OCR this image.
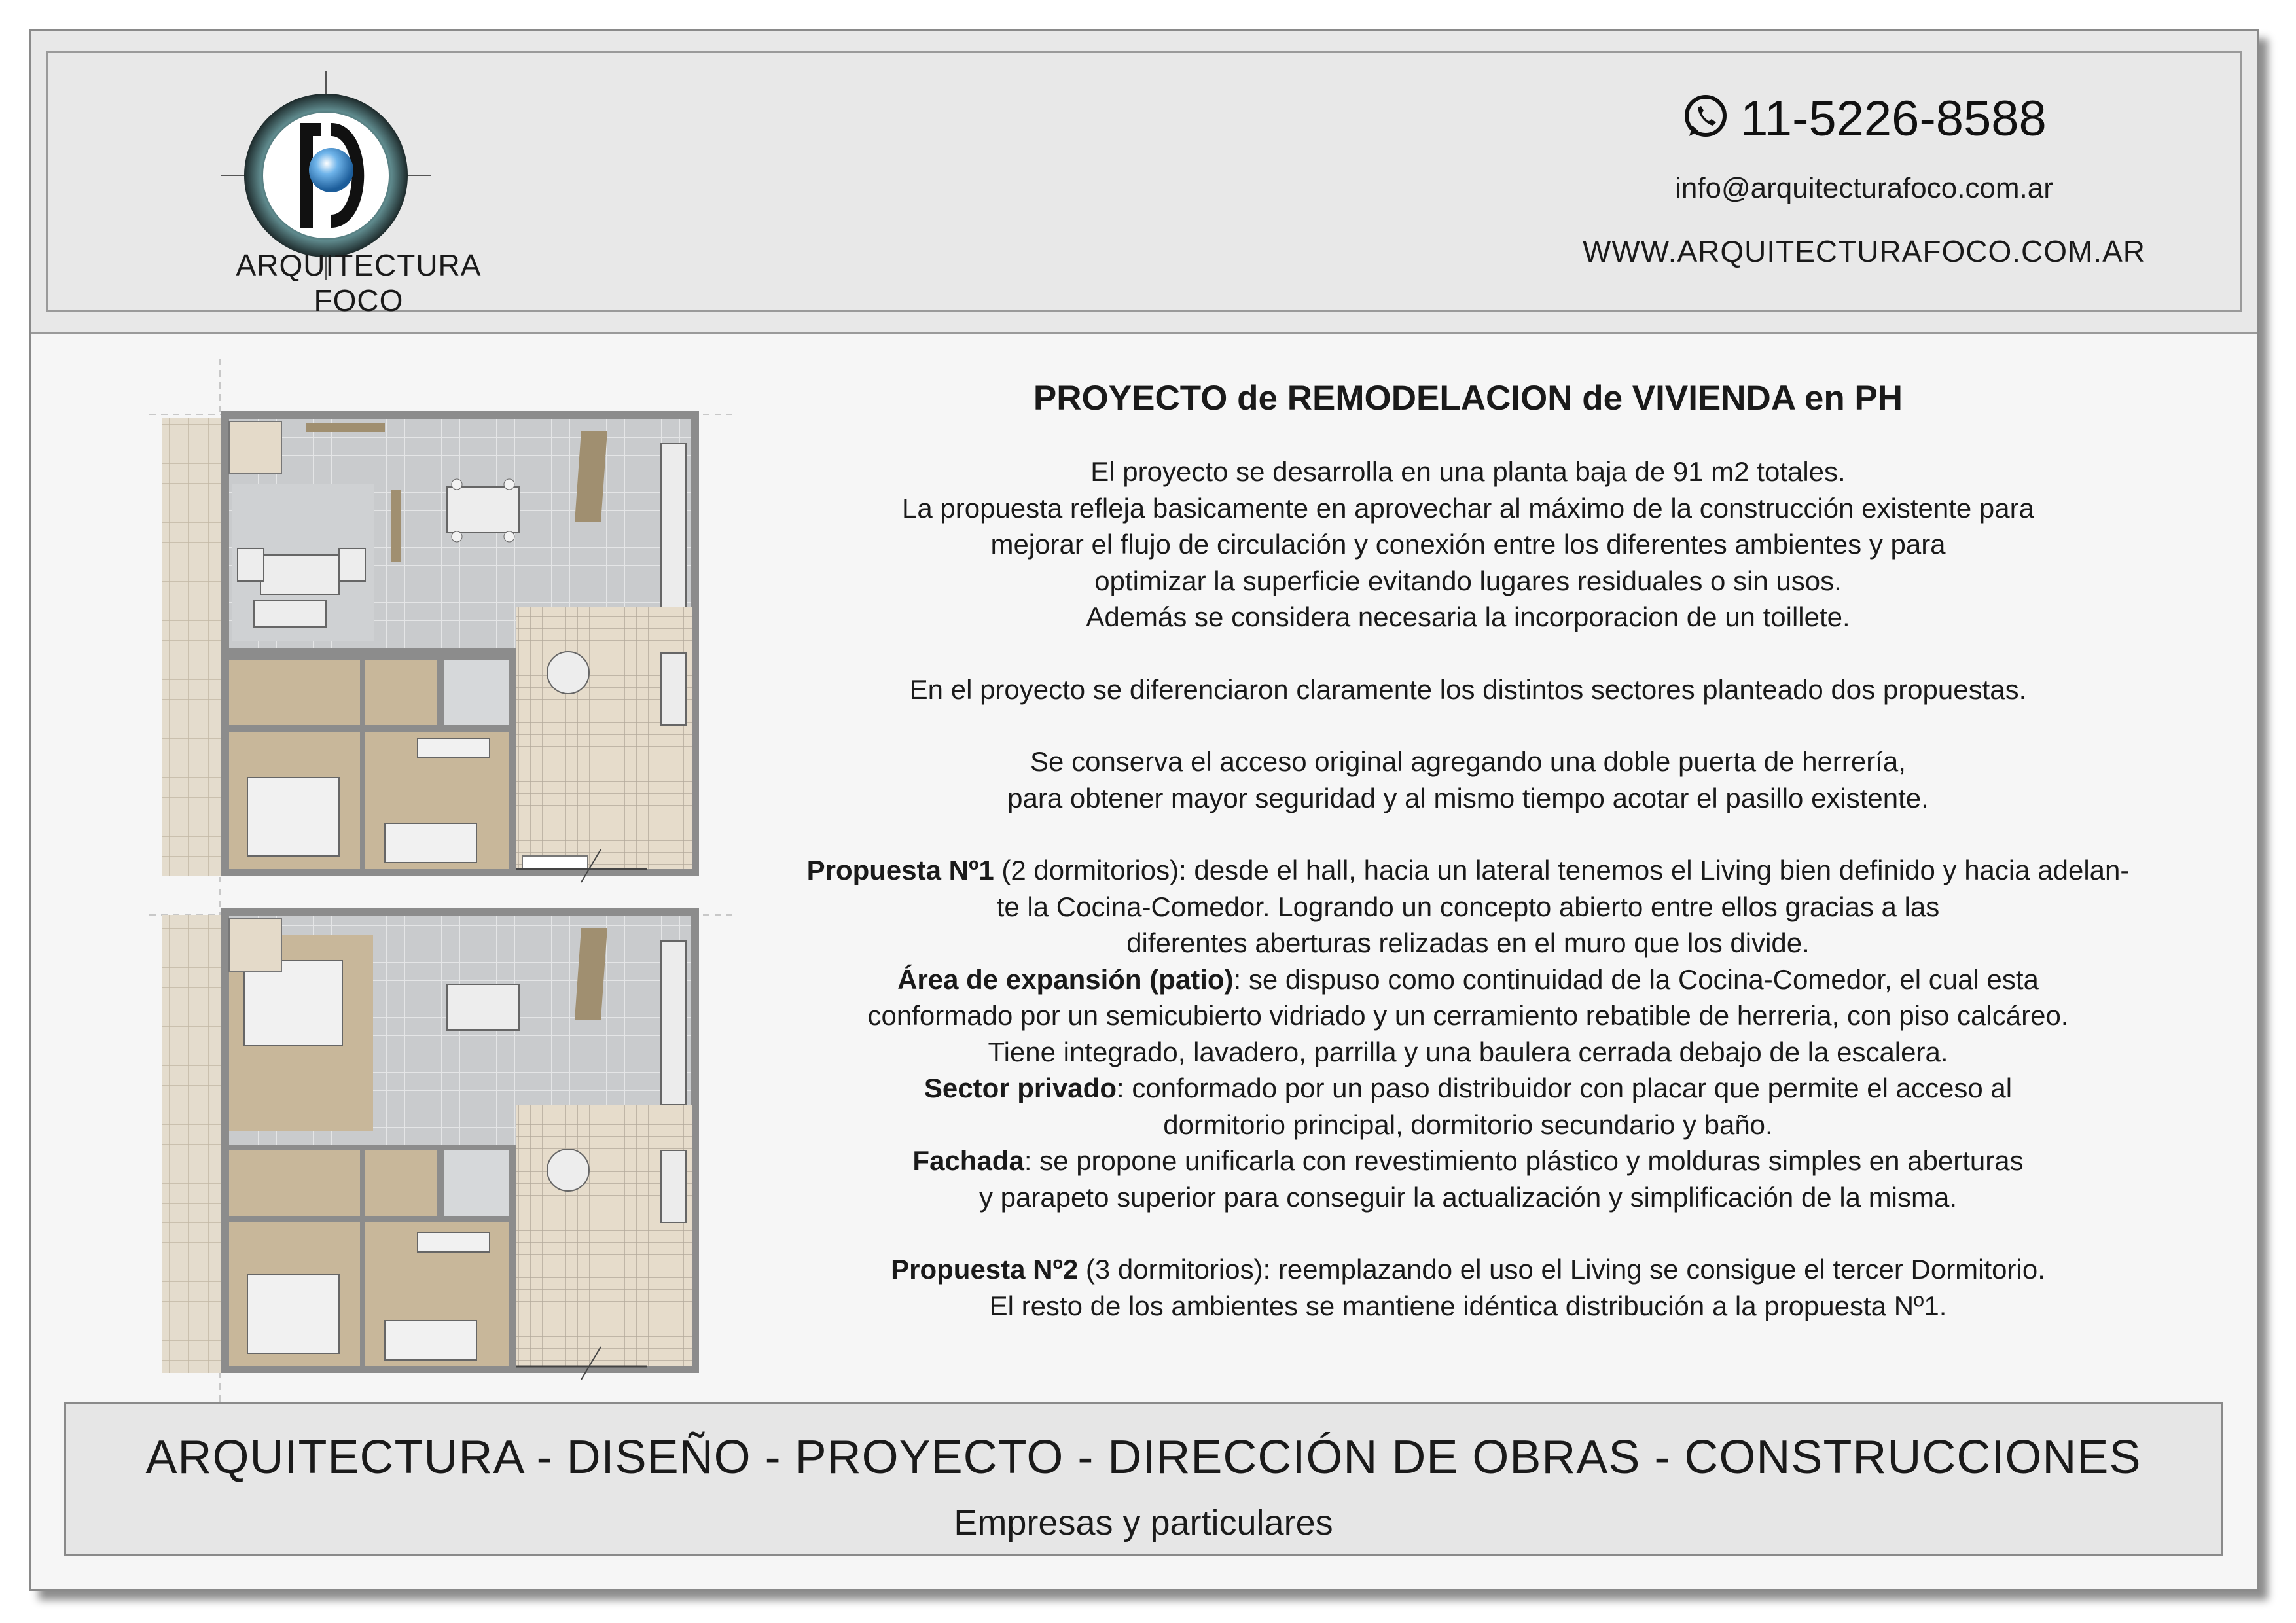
ARQUITECTURA FOCO
11-5226-8588
info@arquitecturafoco.com.ar
WWW.ARQUITECTURAFOCO.COM.AR
PROYECTO de REMODELACION de VIVIENDA en PH

El proyecto se desarrolla en una planta baja de 91 m2 totales.
La propuesta refleja basicamente en aprovechar al máximo de la construcción existente para
mejorar el flujo de circulación y conexión entre los diferentes ambientes y para
optimizar la superficie evitando lugares residuales o sin usos.
Además se considera necesaria la incorporacion de un toillete.

En el proyecto se diferenciaron claramente los distintos sectores planteado dos propuestas.

Se conserva el acceso original agregando una doble puerta de herrería,
para obtener mayor seguridad y al mismo tiempo acotar el pasillo existente.

Propuesta Nº1 (2 dormitorios): desde el hall, hacia un lateral tenemos el Living bien definido y hacia adelan-
te la Cocina-Comedor. Logrando un concepto abierto entre ellos gracias a las
diferentes aberturas relizadas en el muro que los divide.
Área de expansión (patio): se dispuso como continuidad de la Cocina-Comedor, el cual esta
conformado por un semicubierto vidriado y un cerramiento rebatible de herreria, con piso calcáreo.
Tiene integrado, lavadero, parrilla y una baulera cerrada debajo de la escalera.
Sector privado: conformado por un paso distribuidor con placar que permite el acceso al
dormitorio principal, dormitorio secundario y baño.
Fachada: se propone unificarla con revestimiento plástico y molduras simples en aberturas
y parapeto superior para conseguir la actualización y simplificación de la misma.

Propuesta Nº2 (3 dormitorios): reemplazando el uso el Living se consigue el tercer Dormitorio.
El resto de los ambientes se mantiene idéntica distribución a la propuesta Nº1.

ARQUITECTURA - DISEÑO - PROYECTO - DIRECCIÓN DE OBRAS - CONSTRUCCIONES
Empresas y particulares
